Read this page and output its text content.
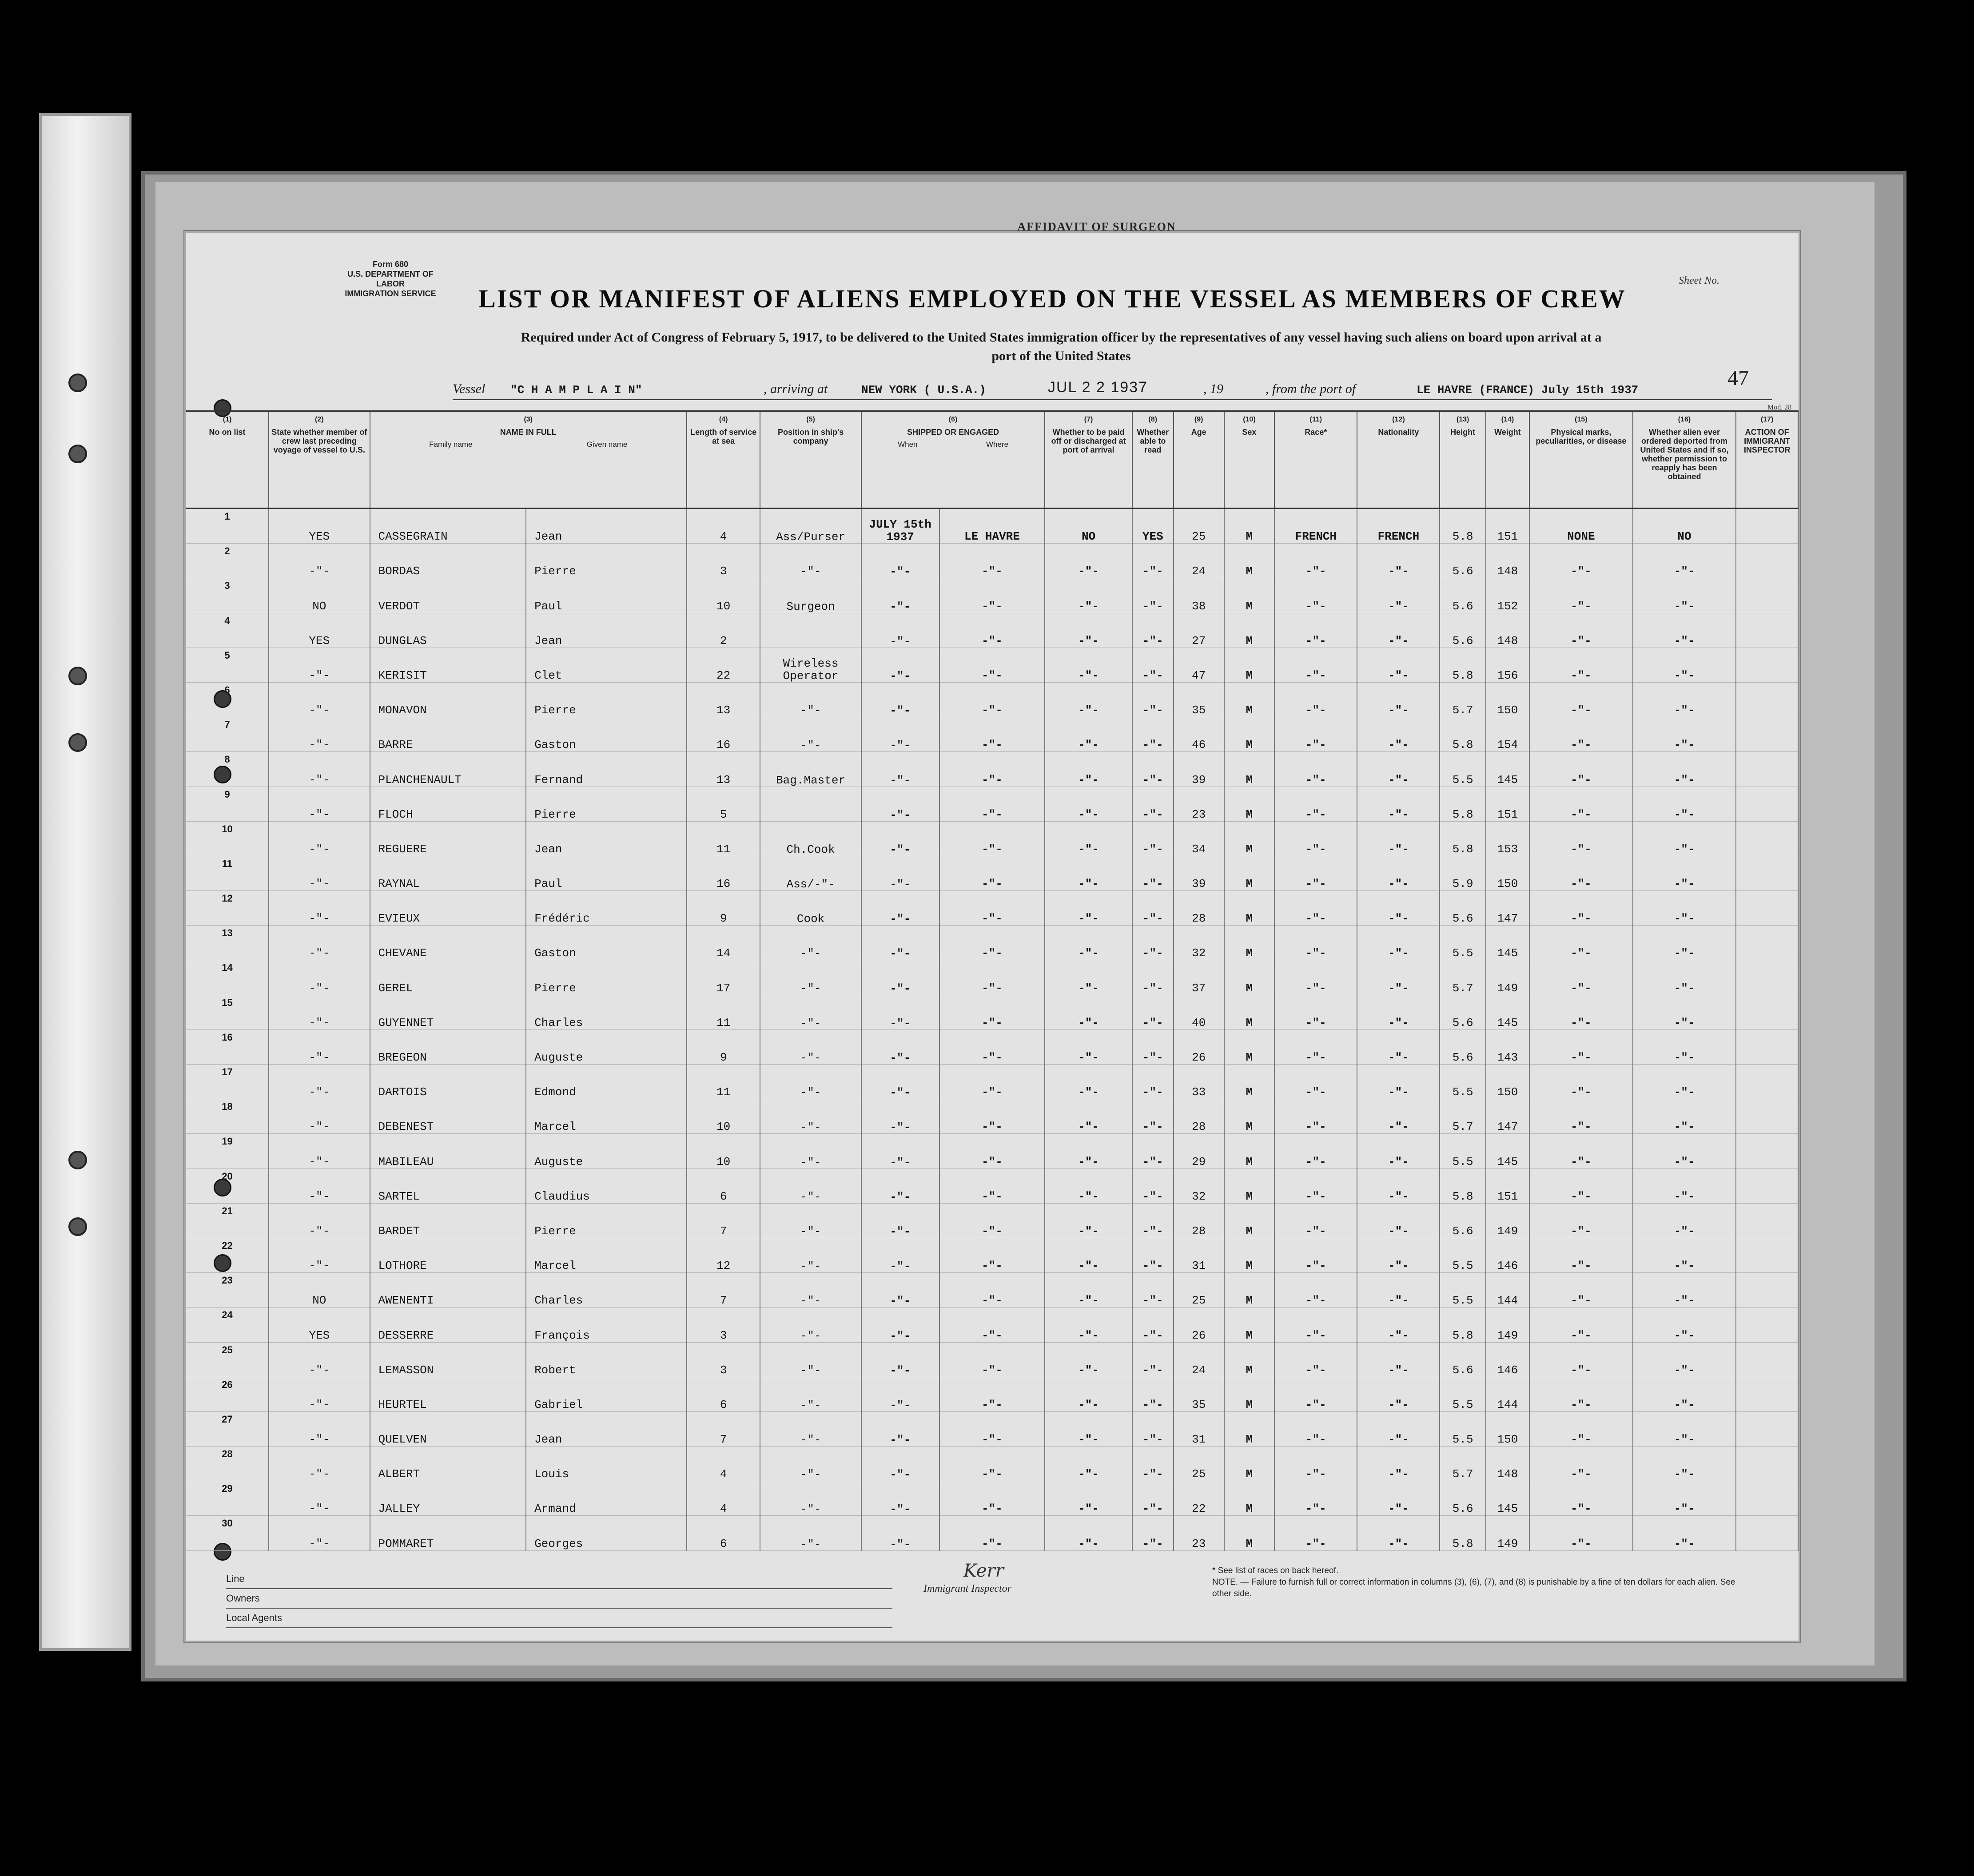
AFFIDAVIT OF SURGEON
Form 680
U.S. DEPARTMENT OF LABOR
IMMIGRATION SERVICE
Sheet No.
LIST OR MANIFEST OF ALIENS EMPLOYED ON THE VESSEL AS MEMBERS OF CREW
Required under Act of Congress of February 5, 1917, to be delivered to the United States immigration officer by the representatives of any vessel having such aliens on board upon arrival at a
port of the United States
47
Vessel "C H A M P L A I N"	, arriving at	NEW YORK ( U.S.A.)	JUL 2 2 1937	, 19	, from the port of	LE HAVRE (FRANCE) July 15th 1937
Mod. 28
(1)
No on list	(2)
State whether member of crew last preceding voyage of vessel to U.S.	(3)
NAME IN FULL
Family name Given name		(4)
Length of service at sea	(5)
Position in ship's company	(6)
SHIPPED OR ENGAGED
When Where		(7)
Whether to be paid off or discharged at port of arrival	(8)
Whether able to read	(9)
Age	(10)
Sex	(11)
Race*	(12)
Nationality	(13)
Height	(14)
Weight	(15)
Physical marks, peculiarities, or disease	(16)
Whether alien ever ordered deported from United States and if so, whether permission to reapply has been obtained	(17)
ACTION OF IMMIGRANT INSPECTOR
1	YES	CASSEGRAIN	Jean	4	Ass/Purser	JULY 15th 1937	LE HAVRE	NO	YES	25	M	FRENCH	FRENCH	5.8	151	NONE	NO	
2	-"-	BORDAS	Pierre	3	-"-	-"-	-"-	-"-	-"-	24	M	-"-	-"-	5.6	148	-"-	-"-	
3	NO	VERDOT	Paul	10	Surgeon	-"-	-"-	-"-	-"-	38	M	-"-	-"-	5.6	152	-"-	-"-	
4	YES	DUNGLAS	Jean	2		-"-	-"-	-"-	-"-	27	M	-"-	-"-	5.6	148	-"-	-"-	
5	-"-	KERISIT	Clet	22	Wireless Operator	-"-	-"-	-"-	-"-	47	M	-"-	-"-	5.8	156	-"-	-"-	
6	-"-	MONAVON	Pierre	13	-"-	-"-	-"-	-"-	-"-	35	M	-"-	-"-	5.7	150	-"-	-"-	
7	-"-	BARRE	Gaston	16	-"-	-"-	-"-	-"-	-"-	46	M	-"-	-"-	5.8	154	-"-	-"-	
8	-"-	PLANCHENAULT	Fernand	13	Bag.Master	-"-	-"-	-"-	-"-	39	M	-"-	-"-	5.5	145	-"-	-"-	
9	-"-	FLOCH	Pierre	5		-"-	-"-	-"-	-"-	23	M	-"-	-"-	5.8	151	-"-	-"-	
10	-"-	REGUERE	Jean	11	Ch.Cook	-"-	-"-	-"-	-"-	34	M	-"-	-"-	5.8	153	-"-	-"-	
11	-"-	RAYNAL	Paul	16	Ass/-"-	-"-	-"-	-"-	-"-	39	M	-"-	-"-	5.9	150	-"-	-"-	
12	-"-	EVIEUX	Frédéric	9	Cook	-"-	-"-	-"-	-"-	28	M	-"-	-"-	5.6	147	-"-	-"-	
13	-"-	CHEVANE	Gaston	14	-"-	-"-	-"-	-"-	-"-	32	M	-"-	-"-	5.5	145	-"-	-"-	
14	-"-	GEREL	Pierre	17	-"-	-"-	-"-	-"-	-"-	37	M	-"-	-"-	5.7	149	-"-	-"-	
15	-"-	GUYENNET	Charles	11	-"-	-"-	-"-	-"-	-"-	40	M	-"-	-"-	5.6	145	-"-	-"-	
16	-"-	BREGEON	Auguste	9	-"-	-"-	-"-	-"-	-"-	26	M	-"-	-"-	5.6	143	-"-	-"-	
17	-"-	DARTOIS	Edmond	11	-"-	-"-	-"-	-"-	-"-	33	M	-"-	-"-	5.5	150	-"-	-"-	
18	-"-	DEBENEST	Marcel	10	-"-	-"-	-"-	-"-	-"-	28	M	-"-	-"-	5.7	147	-"-	-"-	
19	-"-	MABILEAU	Auguste	10	-"-	-"-	-"-	-"-	-"-	29	M	-"-	-"-	5.5	145	-"-	-"-	
20	-"-	SARTEL	Claudius	6	-"-	-"-	-"-	-"-	-"-	32	M	-"-	-"-	5.8	151	-"-	-"-	
21	-"-	BARDET	Pierre	7	-"-	-"-	-"-	-"-	-"-	28	M	-"-	-"-	5.6	149	-"-	-"-	
22	-"-	LOTHORE	Marcel	12	-"-	-"-	-"-	-"-	-"-	31	M	-"-	-"-	5.5	146	-"-	-"-	
23	NO	AWENENTI	Charles	7	-"-	-"-	-"-	-"-	-"-	25	M	-"-	-"-	5.5	144	-"-	-"-	
24	YES	DESSERRE	François	3	-"-	-"-	-"-	-"-	-"-	26	M	-"-	-"-	5.8	149	-"-	-"-	
25	-"-	LEMASSON	Robert	3	-"-	-"-	-"-	-"-	-"-	24	M	-"-	-"-	5.6	146	-"-	-"-	
26	-"-	HEURTEL	Gabriel	6	-"-	-"-	-"-	-"-	-"-	35	M	-"-	-"-	5.5	144	-"-	-"-	
27	-"-	QUELVEN	Jean	7	-"-	-"-	-"-	-"-	-"-	31	M	-"-	-"-	5.5	150	-"-	-"-	
28	-"-	ALBERT	Louis	4	-"-	-"-	-"-	-"-	-"-	25	M	-"-	-"-	5.7	148	-"-	-"-	
29	-"-	JALLEY	Armand	4	-"-	-"-	-"-	-"-	-"-	22	M	-"-	-"-	5.6	145	-"-	-"-	
30	-"-	POMMARET	Georges	6	-"-	-"-	-"-	-"-	-"-	23	M	-"-	-"-	5.8	149	-"-	-"-	
Line
Owners
Local Agents
Kerr
Immigrant Inspector
* See list of races on back hereof.
NOTE. — Failure to furnish full or correct information in columns (3), (6), (7), and (8) is punishable by a fine of ten dollars for each alien. See other side.
